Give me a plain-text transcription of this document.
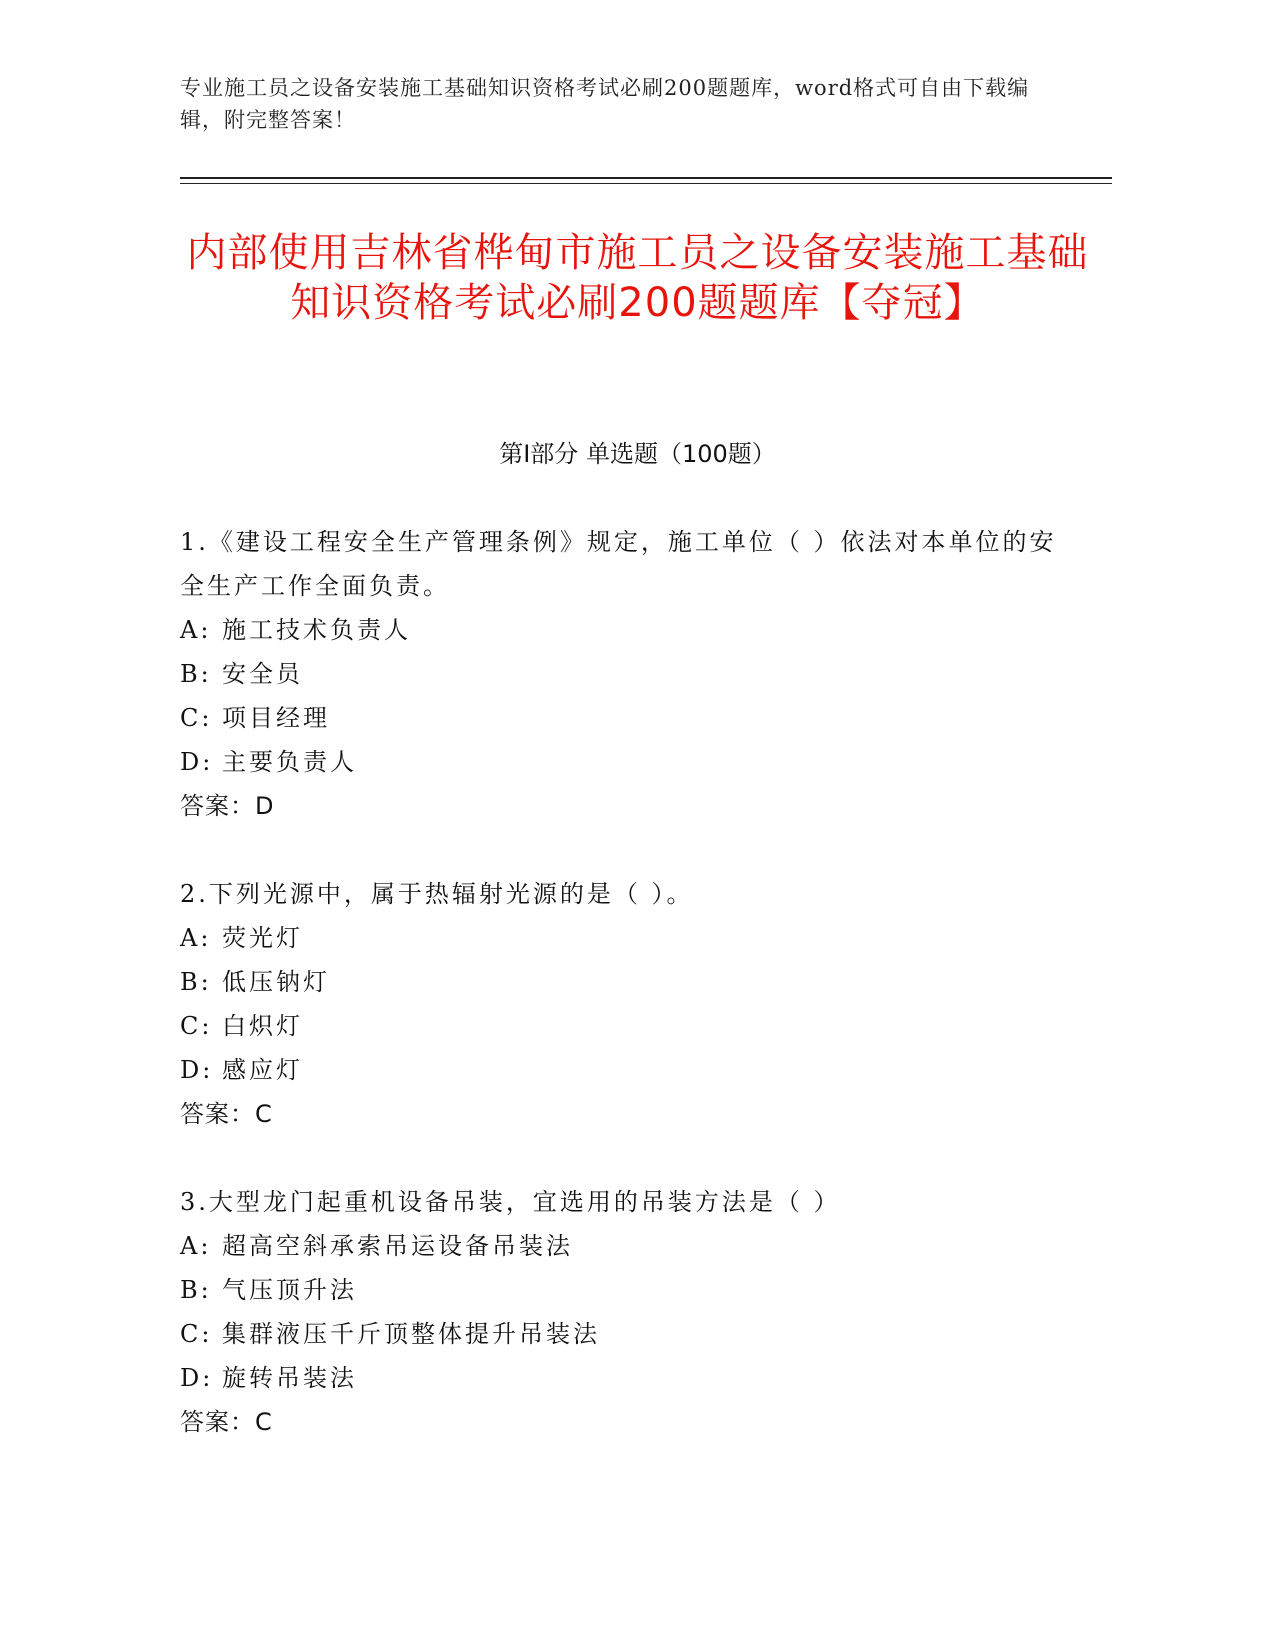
专业施工员之设备安装施工基础知识资格考试必刷200题题库，word格式可自由下载编辑，附完整答案！
内部使用吉林省桦甸市施工员之设备安装施工基础知识资格考试必刷200题题库【夺冠】
第I部分 单选题（100题）
1.《建设工程安全生产管理条例》规定，施工单位（ ）依法对本单位的安全生产工作全面负责。
A: 施工技术负责人
B: 安全员
C: 项目经理
D: 主要负责人
答案：D
2.下列光源中，属于热辐射光源的是（ ）。
A: 荧光灯
B: 低压钠灯
C: 白炽灯
D: 感应灯
答案：C
3.大型龙门起重机设备吊装，宜选用的吊装方法是（ ）
A: 超高空斜承索吊运设备吊装法
B: 气压顶升法
C: 集群液压千斤顶整体提升吊装法
D: 旋转吊装法
答案：C
